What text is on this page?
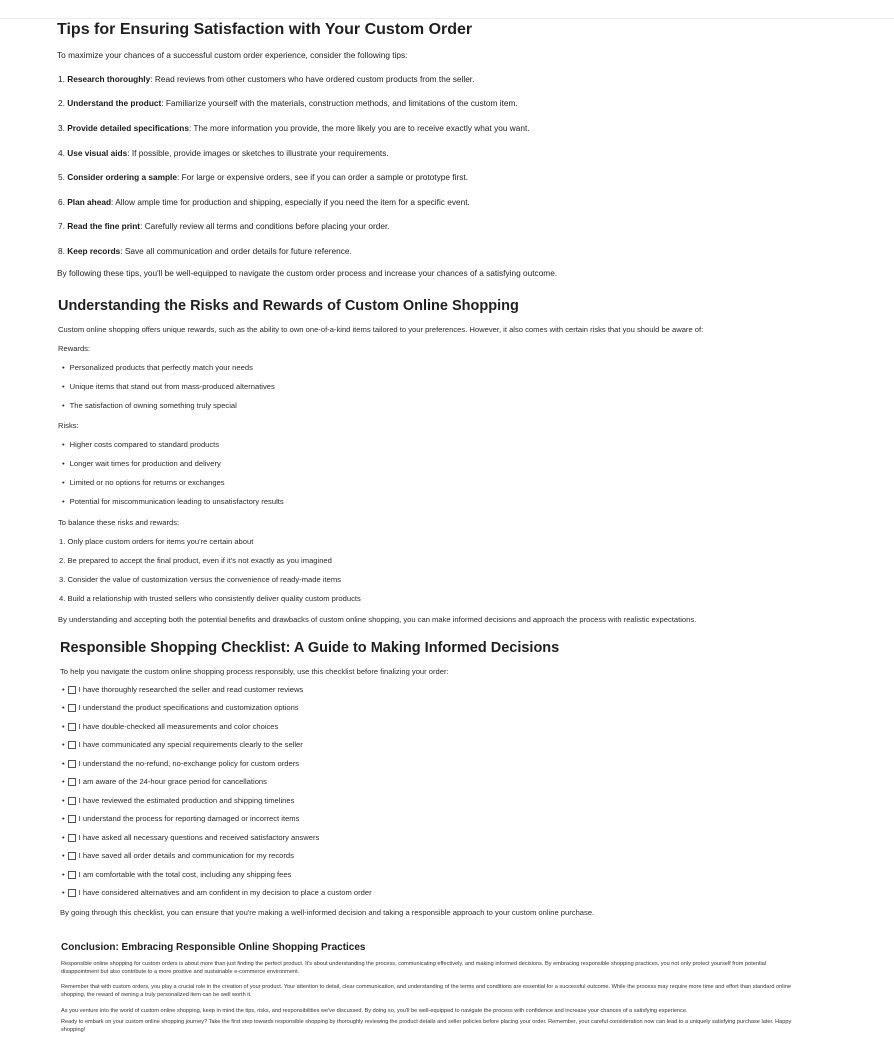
Tips for Ensuring Satisfaction with Your Custom Order

To maximize your chances of a successful custom order experience, consider the following tips:

1. Research thoroughly: Read reviews from other customers who have ordered custom products from the seller.
2. Understand the product: Familiarize yourself with the materials, construction methods, and limitations of the custom item.
3. Provide detailed specifications: The more information you provide, the more likely you are to receive exactly what you want.
4. Use visual aids: If possible, provide images or sketches to illustrate your requirements.
5. Consider ordering a sample: For large or expensive orders, see if you can order a sample or prototype first.
6. Plan ahead: Allow ample time for production and shipping, especially if you need the item for a specific event.
7. Read the fine print: Carefully review all terms and conditions before placing your order.
8. Keep records: Save all communication and order details for future reference.

By following these tips, you'll be well-equipped to navigate the custom order process and increase your chances of a satisfying outcome.

Understanding the Risks and Rewards of Custom Online Shopping
Custom online shopping offers unique rewards, such as the ability to own one-of-a-kind items tailored to your preferences. However, it also comes with certain risks that you should be aware of:
Rewards:
• Personalized products that perfectly match your needs
• Unique items that stand out from mass-produced alternatives
• The satisfaction of owning something truly special
Risks:
• Higher costs compared to standard products
• Longer wait times for production and delivery
• Limited or no options for returns or exchanges
• Potential for miscommunication leading to unsatisfactory results
To balance these risks and rewards:
1. Only place custom orders for items you're certain about
2. Be prepared to accept the final product, even if it's not exactly as you imagined
3. Consider the value of customization versus the convenience of ready-made items
4. Build a relationship with trusted sellers who consistently deliver quality custom products
By understanding and accepting both the potential benefits and drawbacks of custom online shopping, you can make informed decisions and approach the process with realistic expectations.
Responsible Shopping Checklist: A Guide to Making Informed Decisions
To help you navigate the custom online shopping process responsibly, use this checklist before finalizing your order:
• I have thoroughly researched the seller and read customer reviews
• I understand the product specifications and customization options
• I have double-checked all measurements and color choices
• I have communicated any special requirements clearly to the seller
• I understand the no-refund, no-exchange policy for custom orders
• I am aware of the 24-hour grace period for cancellations
• I have reviewed the estimated production and shipping timelines
• I understand the process for reporting damaged or incorrect items
• I have asked all necessary questions and received satisfactory answers
• I have saved all order details and communication for my records
• I am comfortable with the total cost, including any shipping fees
• I have considered alternatives and am confident in my decision to place a custom order
By going through this checklist, you can ensure that you're making a well-informed decision and taking a responsible approach to your custom online purchase.
Conclusion: Embracing Responsible Online Shopping Practices
Responsible online shopping for custom orders is about more than just finding the perfect product. It's about understanding the process, communicating effectively, and making informed decisions. By embracing responsible shopping practices, you not only protect yourself from potential disappointment but also contribute to a more positive and sustainable e-commerce environment.
Remember that with custom orders, you play a crucial role in the creation of your product. Your attention to detail, clear communication, and understanding of the terms and conditions are essential for a successful outcome. While the process may require more time and effort than standard online shopping, the reward of owning a truly personalized item can be well worth it.
As you venture into the world of custom online shopping, keep in mind the tips, risks, and responsibilities we've discussed. By doing so, you'll be well-equipped to navigate the process with confidence and increase your chances of a satisfying experience.
Ready to embark on your custom online shopping journey? Take the first step towards responsible shopping by thoroughly reviewing the product details and seller policies before placing your order. Remember, your careful consideration now can lead to a uniquely satisfying purchase later. Happy shopping!
